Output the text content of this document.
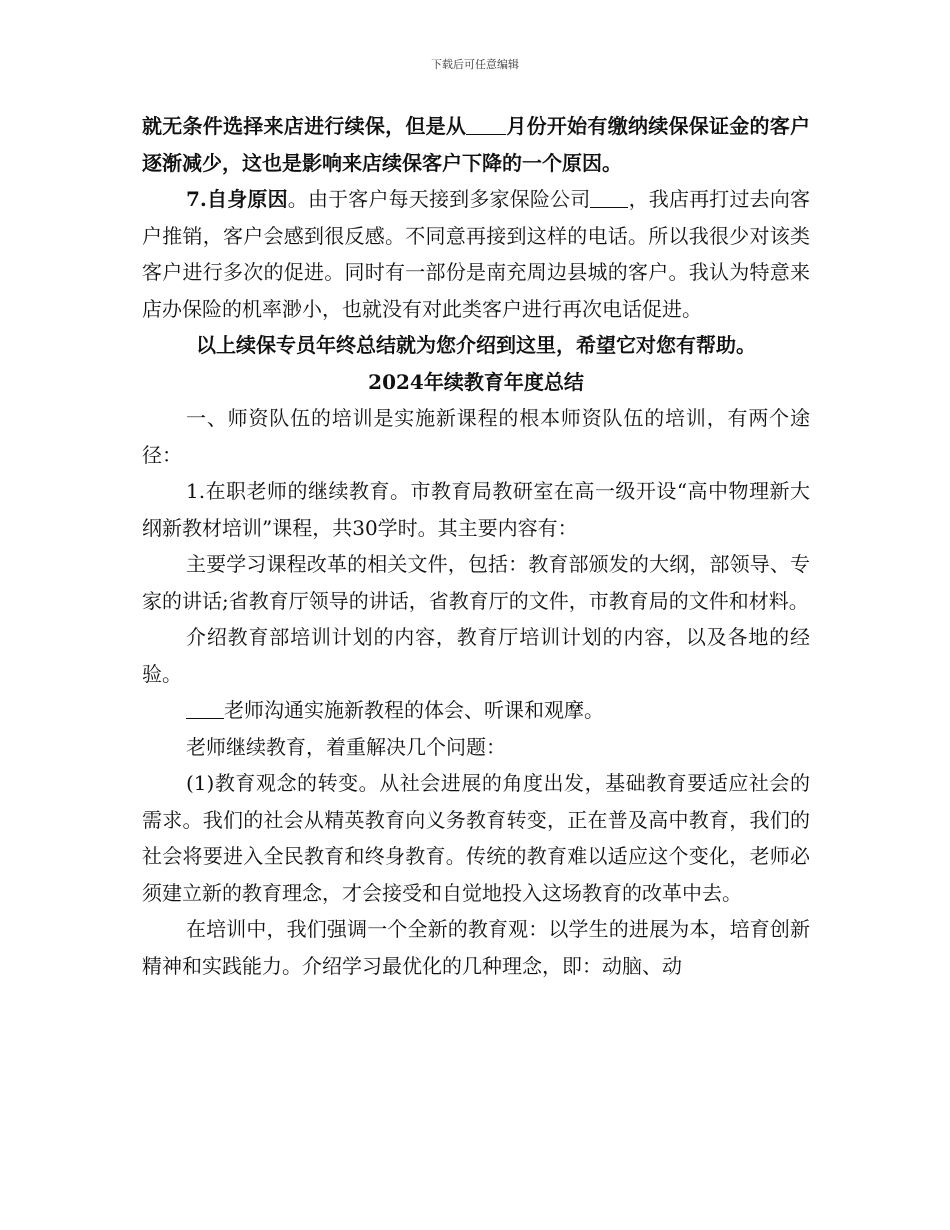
下载后可任意编辑

就无条件选择来店进行续保，但是从 月份开始有缴纳续保保证金的客户逐渐减少，这也是影响来店续保客户下降的一个原因。

7.自身原因。由于客户每天接到多家保险公司 ，我店再打过去向客户推销，客户会感到很反感。不同意再接到这样的电话。所以我很少对该类客户进行多次的促进。同时有一部份是南充周边县城的客户。我认为特意来店办保险的机率渺小，也就没有对此类客户进行再次电话促进。

以上续保专员年终总结就为您介绍到这里，希望它对您有帮助。

2024年续教育年度总结

一、师资队伍的培训是实施新课程的根本师资队伍的培训，有两个途径：

1.在职老师的继续教育。市教育局教研室在高一级开设“高中物理新大纲新教材培训”课程，共30学时。其主要内容有：

主要学习课程改革的相关文件，包括：教育部颁发的大纲，部领导、专家的讲话;省教育厅领导的讲话，省教育厅的文件，市教育局的文件和材料。

介绍教育部培训计划的内容，教育厅培训计划的内容，以及各地的经验。

老师沟通实施新教程的体会、听课和观摩。

老师继续教育，着重解决几个问题：

(1)教育观念的转变。从社会进展的角度出发，基础教育要适应社会的需求。我们的社会从精英教育向义务教育转变，正在普及高中教育，我们的社会将要进入全民教育和终身教育。传统的教育难以适应这个变化，老师必须建立新的教育理念，才会接受和自觉地投入这场教育的改革中去。

在培训中，我们强调一个全新的教育观：以学生的进展为本，培育创新精神和实践能力。介绍学习最优化的几种理念，即：动脑、动
